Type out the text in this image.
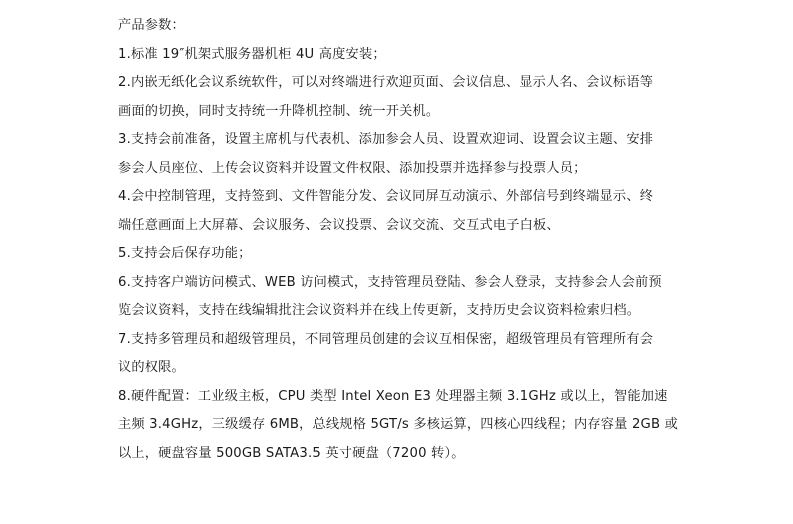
产品参数：
1.标准 19″机架式服务器机柜 4U 高度安装；
2.内嵌无纸化会议系统软件，可以对终端进行欢迎页面、会议信息、显示人名、会议标语等
画面的切换，同时支持统一升降机控制、统一开关机。
3.支持会前准备，设置主席机与代表机、添加参会人员、设置欢迎词、设置会议主题、安排
参会人员座位、上传会议资料并设置文件权限、添加投票并选择参与投票人员；
4.会中控制管理，支持签到、文件智能分发、会议同屏互动演示、外部信号到终端显示、终
端任意画面上大屏幕、会议服务、会议投票、会议交流、交互式电子白板、
5.支持会后保存功能；
6.支持客户端访问模式、WEB 访问模式，支持管理员登陆、参会人登录，支持参会人会前预
览会议资料，支持在线编辑批注会议资料并在线上传更新，支持历史会议资料检索归档。
7.支持多管理员和超级管理员，不同管理员创建的会议互相保密，超级管理员有管理所有会
议的权限。
8.硬件配置：工业级主板，CPU 类型 Intel Xeon E3 处理器主频 3.1GHz 或以上，智能加速
主频 3.4GHz，三级缓存 6MB，总线规格 5GT/s 多核运算，四核心四线程；内存容量 2GB 或
以上，硬盘容量 500GB SATA3.5 英寸硬盘（7200 转）。
